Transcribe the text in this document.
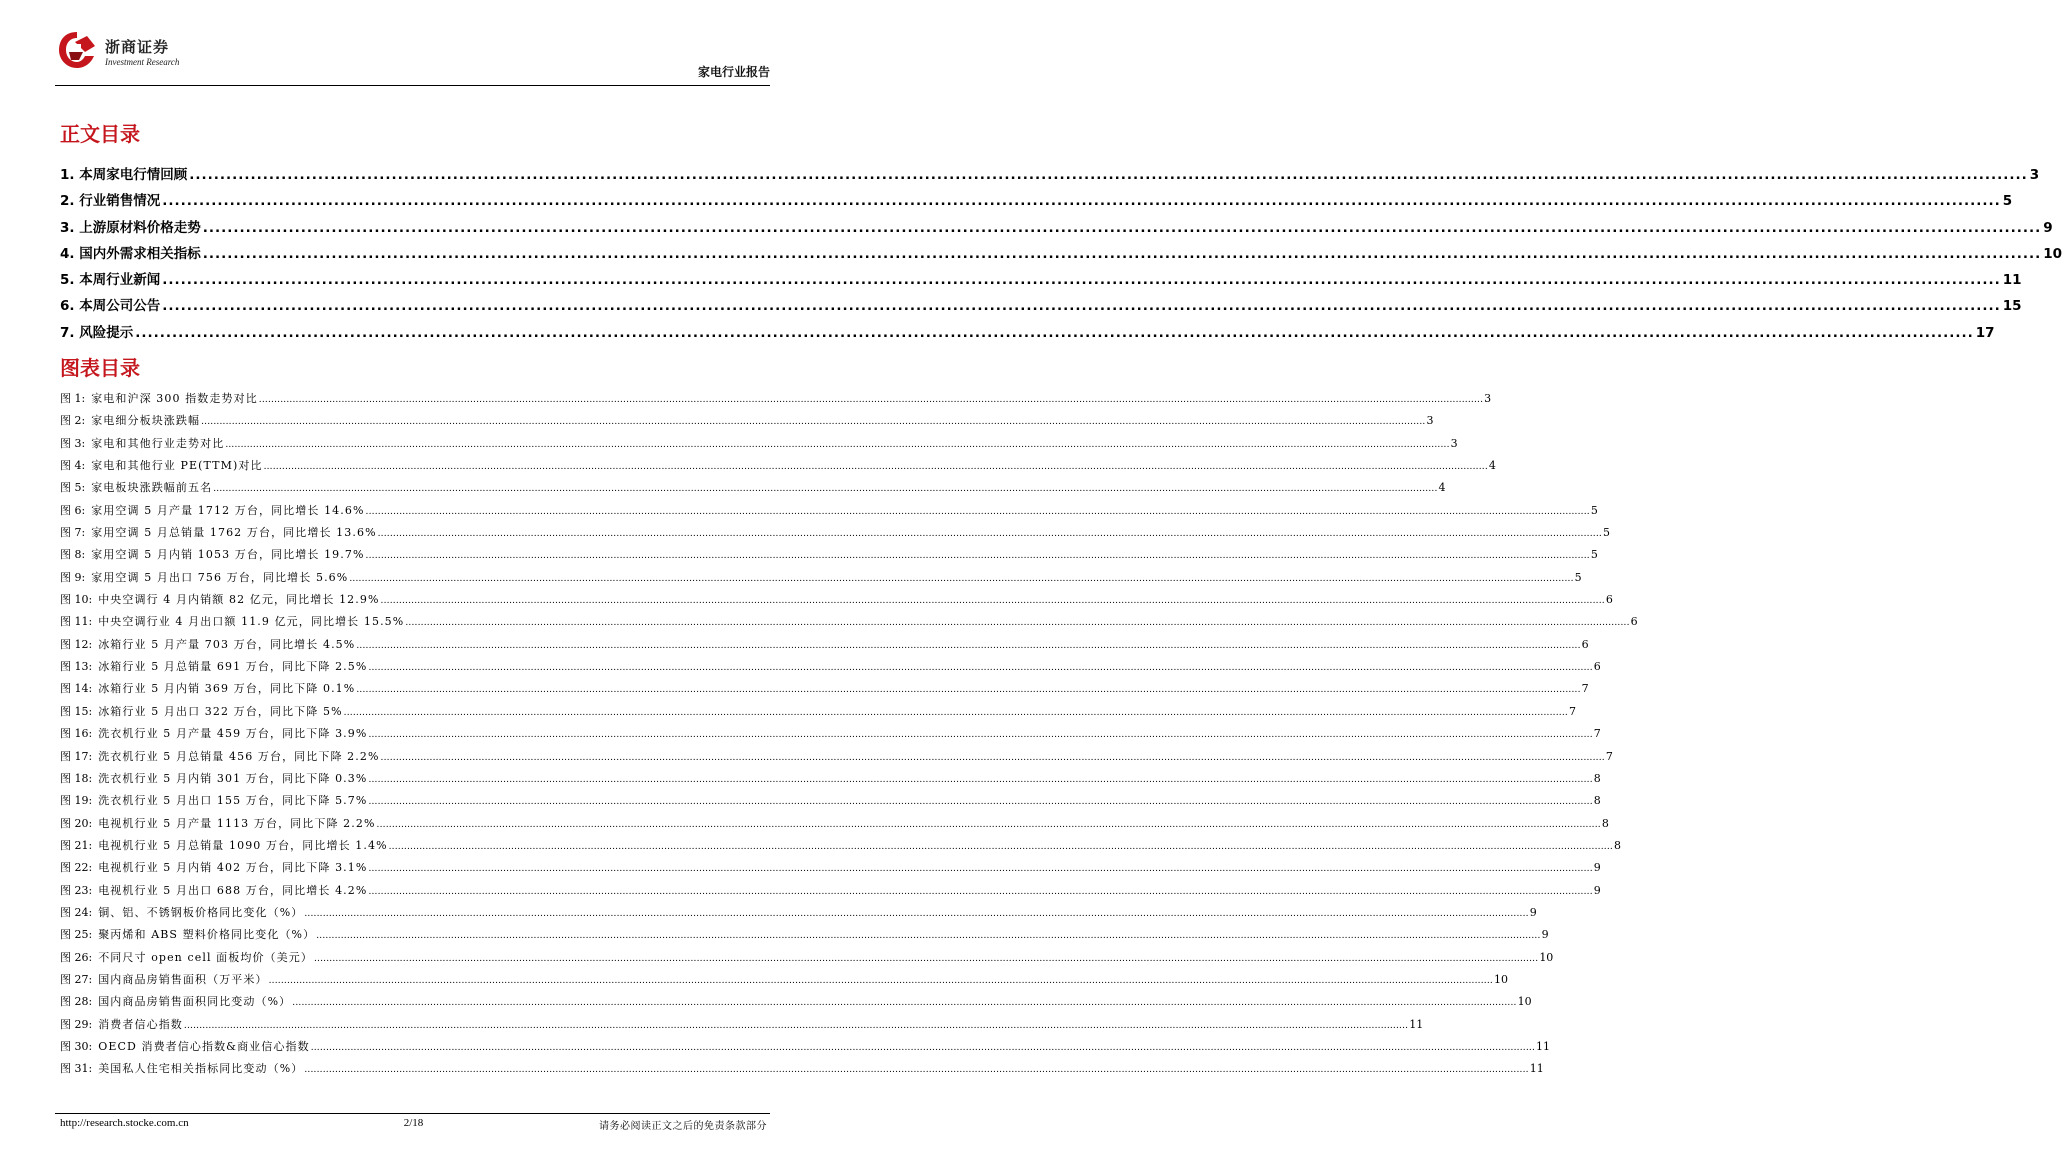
浙商证券
Investment Research
家电行业报告
正文目录
1. 本周家电行情回顾 ............................................................................................................................................................................................................................................................................................................ 3
2. 行业销售情况 ............................................................................................................................................................................................................................................................................................................ 5
3. 上游原材料价格走势 ............................................................................................................................................................................................................................................................................................................ 9
4. 国内外需求相关指标 ............................................................................................................................................................................................................................................................................................................ 10
5. 本周行业新闻 ............................................................................................................................................................................................................................................................................................................ 11
6. 本周公司公告 ............................................................................................................................................................................................................................................................................................................ 15
7. 风险提示 ............................................................................................................................................................................................................................................................................................................ 17
图表目录
图 1: 家电和沪深 300 指数走势对比 ................................................................................................................................................................................................................................................................................................................................................................................................................ 3
图 2: 家电细分板块涨跌幅 ................................................................................................................................................................................................................................................................................................................................................................................................................ 3
图 3: 家电和其他行业走势对比 ................................................................................................................................................................................................................................................................................................................................................................................................................ 3
图 4: 家电和其他行业 PE(TTM)对比 ................................................................................................................................................................................................................................................................................................................................................................................................................ 4
图 5: 家电板块涨跌幅前五名 ................................................................................................................................................................................................................................................................................................................................................................................................................ 4
图 6: 家用空调 5 月产量 1712 万台，同比增长 14.6% ................................................................................................................................................................................................................................................................................................................................................................................................................ 5
图 7: 家用空调 5 月总销量 1762 万台，同比增长 13.6% ................................................................................................................................................................................................................................................................................................................................................................................................................ 5
图 8: 家用空调 5 月内销 1053 万台，同比增长 19.7% ................................................................................................................................................................................................................................................................................................................................................................................................................ 5
图 9: 家用空调 5 月出口 756 万台，同比增长 5.6% ................................................................................................................................................................................................................................................................................................................................................................................................................ 5
图 10: 中央空调行 4 月内销额 82 亿元，同比增长 12.9% ................................................................................................................................................................................................................................................................................................................................................................................................................ 6
图 11: 中央空调行业 4 月出口额 11.9 亿元，同比增长 15.5% ................................................................................................................................................................................................................................................................................................................................................................................................................ 6
图 12: 冰箱行业 5 月产量 703 万台，同比增长 4.5% ................................................................................................................................................................................................................................................................................................................................................................................................................ 6
图 13: 冰箱行业 5 月总销量 691 万台，同比下降 2.5% ................................................................................................................................................................................................................................................................................................................................................................................................................ 6
图 14: 冰箱行业 5 月内销 369 万台，同比下降 0.1% ................................................................................................................................................................................................................................................................................................................................................................................................................ 7
图 15: 冰箱行业 5 月出口 322 万台，同比下降 5% ................................................................................................................................................................................................................................................................................................................................................................................................................ 7
图 16: 洗衣机行业 5 月产量 459 万台，同比下降 3.9% ................................................................................................................................................................................................................................................................................................................................................................................................................ 7
图 17: 洗衣机行业 5 月总销量 456 万台，同比下降 2.2% ................................................................................................................................................................................................................................................................................................................................................................................................................ 7
图 18: 洗衣机行业 5 月内销 301 万台，同比下降 0.3% ................................................................................................................................................................................................................................................................................................................................................................................................................ 8
图 19: 洗衣机行业 5 月出口 155 万台，同比下降 5.7% ................................................................................................................................................................................................................................................................................................................................................................................................................ 8
图 20: 电视机行业 5 月产量 1113 万台，同比下降 2.2% ................................................................................................................................................................................................................................................................................................................................................................................................................ 8
图 21: 电视机行业 5 月总销量 1090 万台，同比增长 1.4% ................................................................................................................................................................................................................................................................................................................................................................................................................ 8
图 22: 电视机行业 5 月内销 402 万台，同比下降 3.1% ................................................................................................................................................................................................................................................................................................................................................................................................................ 9
图 23: 电视机行业 5 月出口 688 万台，同比增长 4.2% ................................................................................................................................................................................................................................................................................................................................................................................................................ 9
图 24: 铜、铝、不锈钢板价格同比变化（%） ................................................................................................................................................................................................................................................................................................................................................................................................................ 9
图 25: 聚丙烯和 ABS 塑料价格同比变化（%） ................................................................................................................................................................................................................................................................................................................................................................................................................ 9
图 26: 不同尺寸 open cell 面板均价（美元） ................................................................................................................................................................................................................................................................................................................................................................................................................ 10
图 27: 国内商品房销售面积（万平米） ................................................................................................................................................................................................................................................................................................................................................................................................................ 10
图 28: 国内商品房销售面积同比变动（%） ................................................................................................................................................................................................................................................................................................................................................................................................................ 10
图 29: 消费者信心指数 ................................................................................................................................................................................................................................................................................................................................................................................................................ 11
图 30: OECD 消费者信心指数&商业信心指数 ................................................................................................................................................................................................................................................................................................................................................................................................................ 11
图 31: 美国私人住宅相关指标同比变动（%） ................................................................................................................................................................................................................................................................................................................................................................................................................ 11
http://research.stocke.com.cn	2/18	请务必阅读正文之后的免责条款部分
